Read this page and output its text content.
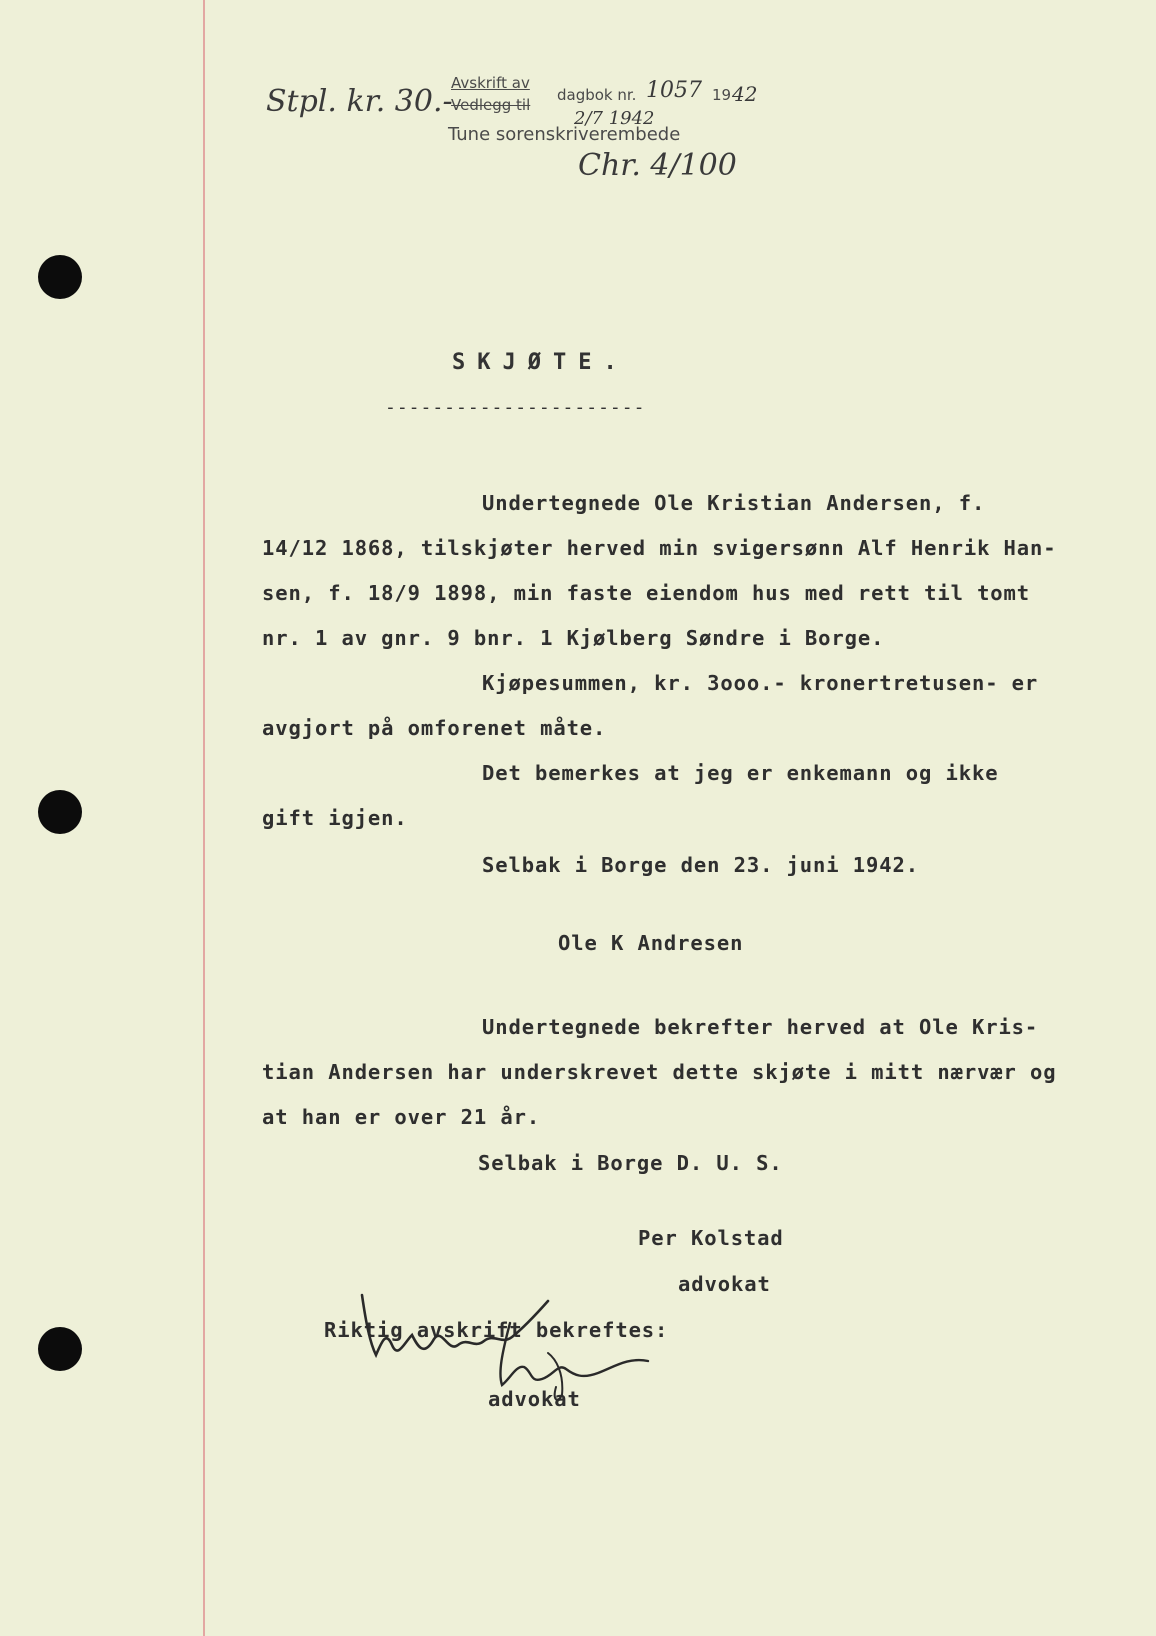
Stpl. kr. 30.-
Chr. 4/100
Avskrift av
Vedlegg til
dagbok nr. 1057 19 42
2/7 1942
Tune sorenskriverembede
SKJØTE.
----------------------
Undertegnede Ole Kristian Andersen, f.
14/12 1868, tilskjøter herved min svigersønn Alf Henrik Han-
sen, f. 18/9 1898, min faste eiendom hus med rett til tomt
nr. 1 av gnr. 9 bnr. 1 Kjølberg Søndre i Borge.
Kjøpesummen, kr. 3ooo.- kronertretusen- er
avgjort på omforenet måte.
Det bemerkes at jeg er enkemann og ikke
gift igjen.
Selbak i Borge den 23. juni 1942.
Ole K Andresen
Undertegnede bekrefter herved at Ole Kris-
tian Andersen har underskrevet dette skjøte i mitt nærvær og
at han er over 21 år.
Selbak i Borge D. U. S.
Per Kolstad
advokat
Riktig avskrift bekreftes:
advokat
